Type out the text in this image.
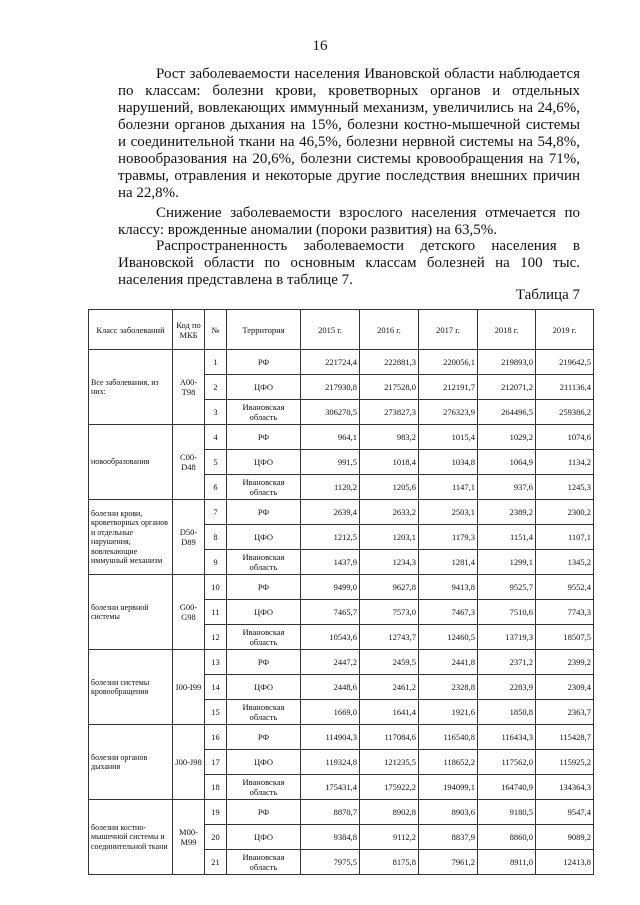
16
Рост заболеваемости населения Ивановской области наблюдается по классам: болезни крови, кроветворных органов и отдельных нарушений, вовлекающих иммунный механизм, увеличились на 24,6%, болезни органов дыхания на 15%, болезни костно-мышечной системы и соединительной ткани на 46,5%, болезни нервной системы на 54,8%, новообразования на 20,6%, болезни системы кровообращения на 71%, травмы, отравления и некоторые другие последствия внешних причин на 22,8%.
Снижение заболеваемости взрослого населения отмечается по классу: врожденные аномалии (пороки развития) на 63,5%.
Распространенность заболеваемости детского населения в Ивановской области по основным классам болезней на 100 тыс. населения представлена в таблице 7.
Таблица 7
Класс заболеваний	Код по МКБ	№	Территория	2015 г.	2016 г.	2017 г.	2018 г.	2019 г.
Все заболевания, из них:	A00-T98	1	РФ	221724,4	222881,3	220056,1	219893,0	219642,5
		2	ЦФО	217930,8	217528,0	212191,7	212071,2	211136,4
		3	Ивановская область	306270,5	273827,3	276323,9	264496,5	259386,2
новообразования	C00-D48	4	РФ	964,1	983,2	1015,4	1029,2	1074,6
		5	ЦФО	991,5	1018,4	1034,8	1064,9	1134,2
		6	Ивановская область	1120,2	1205,6	1147,1	937,6	1245,3
болезни крови, кроветворных органов и отдельные нарушения, вовлекающие иммунный механизм	D50-D89	7	РФ	2639,4	2633,2	2503,1	2389,2	2300,2
		8	ЦФО	1212,5	1203,1	1179,3	1151,4	1107,1
		9	Ивановская область	1437,9	1234,3	1281,4	1299,1	1345,2
болезни нервной системы	G00-G98	10	РФ	9499,0	9627,8	9413,8	9525,7	9552,4
		11	ЦФО	7465,7	7573,0	7467,3	7510,6	7743,3
		12	Ивановская область	10543,6	12743,7	12460,5	13719,3	18507,5
болезни системы кровообращения	I00-I99	13	РФ	2447,2	2459,5	2441,8	2371,2	2399,2
		14	ЦФО	2448,6	2461,2	2328,8	2283,9	2309,4
		15	Ивановская область	1669,0	1641,4	1921,6	1850,8	2363,7
болезни органов дыхания	J00-J98	16	РФ	114904,3	117084,6	116540,8	116434,3	115428,7
		17	ЦФО	119324,8	121235,5	118652,2	117562,0	115925,2
		18	Ивановская область	175431,4	175922,2	194099,1	164740,9	134364,3
болезни костно-мышечной системы и соединительной ткани	M00-M99	19	РФ	8870,7	8902,8	8903,6	9180,5	9547,4
		20	ЦФО	9384,8	9112,2	8837,9	8860,0	9089,2
		21	Ивановская область	7975,5	8175,8	7961,2	8911,0	12413,8
